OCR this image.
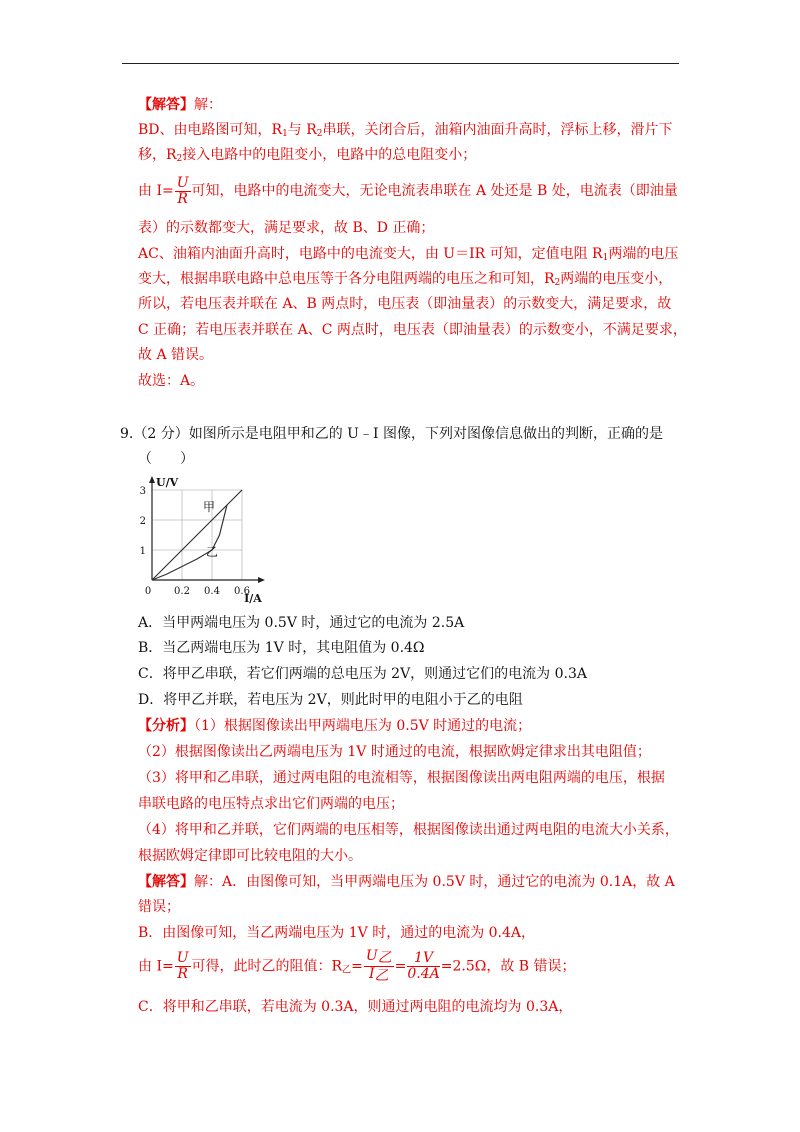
【解答】解：
BD、由电路图可知，$R_1$与 $R_2$串联，关闭合后，油箱内油面升高时，浮标上移，滑片下
移，$R_2$接入电路中的电阻变小，电路中的总电阻变小；
由 $I= \frac{U}{R}$ 可知，电路中的电流变大，无论电流表串联在 A 处还是 B 处，电流表（即油量
表）的示数都变大，满足要求，故 B、D 正确；
AC、油箱内油面升高时，电路中的电流变大，由 U＝IR 可知，定值电阻 $R_1$两端的电压
变大，根据串联电路中总电压等于各分电阻两端的电压之和可知，$R_2$两端的电压变小，
所以，若电压表并联在 A、B 两点时，电压表（即油量表）的示数变大，满足要求，故
C 正确；若电压表并联在 A、C 两点时，电压表（即油量表）的示数变小，不满足要求，
故 A 错误。
故选：A。
9.（2 分）如图所示是电阻甲和乙的 U﹣I 图像，下列对图像信息做出的判断，正确的是
（　　）
0.2 0.4 0.6
1
2
3
0
I/A
U/V
甲
乙
A．当甲两端电压为 0.5V 时，通过它的电流为 2.5A
B．当乙两端电压为 1V 时，其电阻值为 0.4Ω
C．将甲乙串联，若它们两端的总电压为 2V，则通过它们的电流为 0.3A
D．将甲乙并联，若电压为 2V，则此时甲的电阻小于乙的电阻
【分析】（1）根据图像读出甲两端电压为 0.5V 时通过的电流；
（2）根据图像读出乙两端电压为 1V 时通过的电流，根据欧姆定律求出其电阻值；
（3）将甲和乙串联，通过两电阻的电流相等，根据图像读出两电阻两端的电压，根据
串联电路的电压特点求出它们两端的电压；
（4）将甲和乙并联，它们两端的电压相等，根据图像读出通过两电阻的电流大小关系，
根据欧姆定律即可比较电阻的大小。
【解答】解：A．由图像可知，当甲两端电压为 0.5V 时，通过它的电流为 0.1A，故 A
错误；
B．由图像可知，当乙两端电压为 1V 时，通过的电流为 0.4A，
由 $I= \frac{U}{R}$ 可得，此时乙的阻值：$R_乙= \frac{\text{U乙}}{\text{I乙}} = \frac{1V}{0.4A} =2.5\Omega$，故 B 错误；
C．将甲和乙串联，若电流为 0.3A，则通过两电阻的电流均为 0.3A，
